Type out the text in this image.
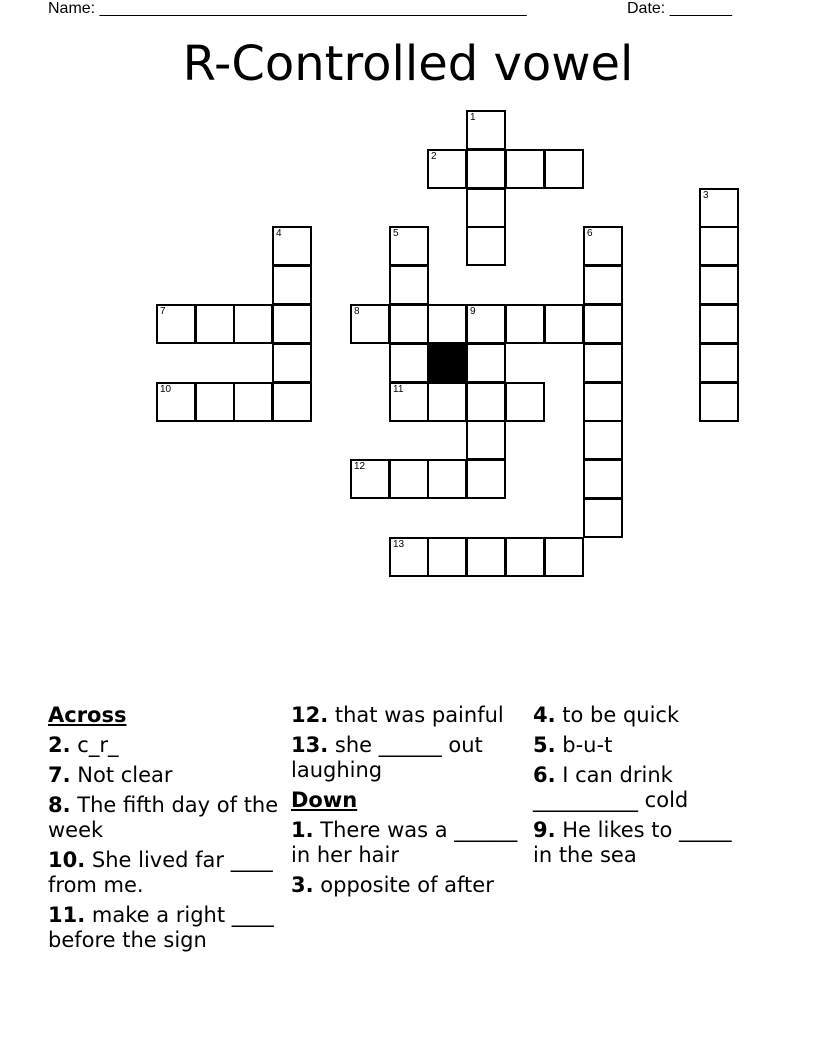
Name: ________________________________________________	Date: _______
R-Controlled vowel
1
2
3
4	5	6
7	8	9
10	11
12
13
Across
2. c_r_
7. Not clear
8. The fifth day of the week
10. She lived far ____ from me.
11. make a right ____ before the sign
12. that was painful
13. she ______ out laughing
Down
1. There was a ______ in her hair
3. opposite of after
4. to be quick
5. b-u-t
6. I can drink __________ cold
9. He likes to _____ in the sea
